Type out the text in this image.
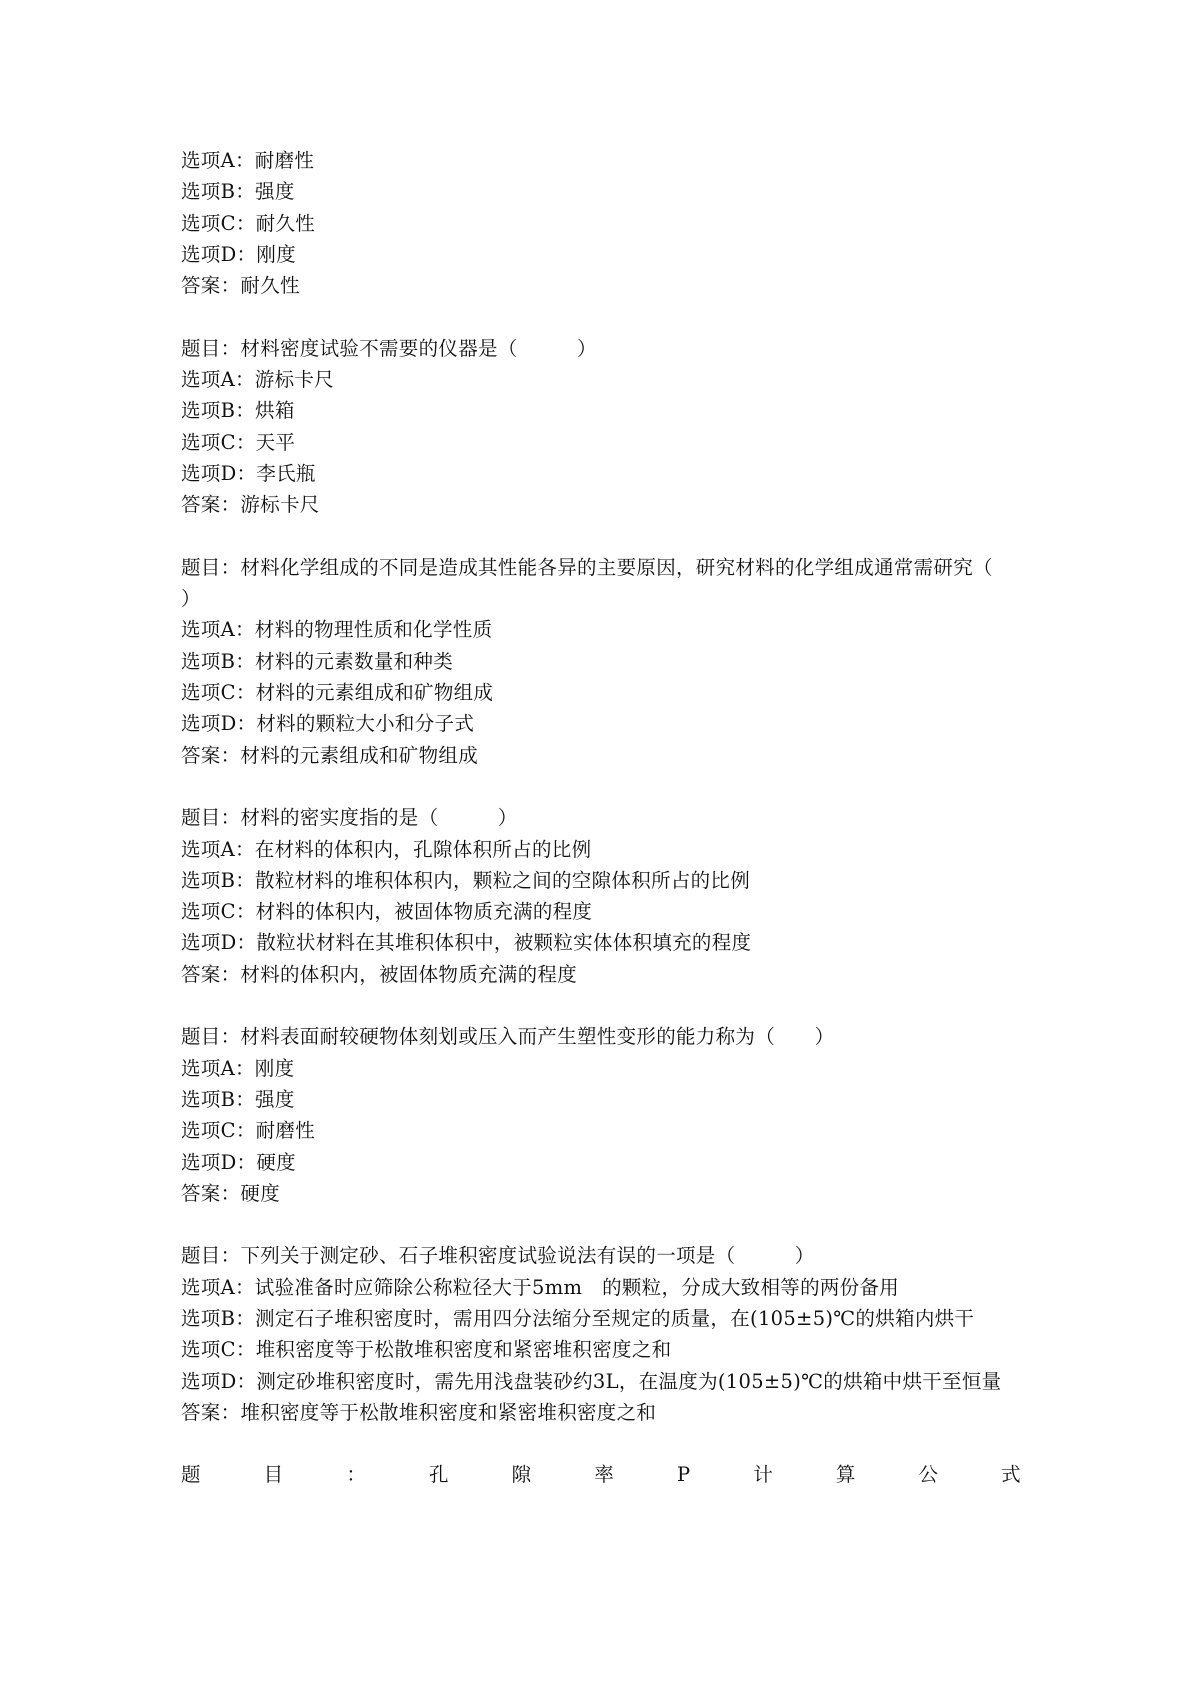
选项A：耐磨性
选项B：强度
选项C：耐久性
选项D：刚度
答案：耐久性
题目：材料密度试验不需要的仪器是（　　　）
选项A：游标卡尺
选项B：烘箱
选项C：天平
选项D：李氏瓶
答案：游标卡尺
题目：材料化学组成的不同是造成其性能各异的主要原因，研究材料的化学组成通常需研究（　　）
选项A：材料的物理性质和化学性质
选项B：材料的元素数量和种类
选项C：材料的元素组成和矿物组成
选项D：材料的颗粒大小和分子式
答案：材料的元素组成和矿物组成
题目：材料的密实度指的是（　　　）
选项A：在材料的体积内，孔隙体积所占的比例
选项B：散粒材料的堆积体积内，颗粒之间的空隙体积所占的比例
选项C：材料的体积内，被固体物质充满的程度
选项D：散粒状材料在其堆积体积中，被颗粒实体体积填充的程度
答案：材料的体积内，被固体物质充满的程度
题目：材料表面耐较硬物体刻划或压入而产生塑性变形的能力称为（　　）
选项A：刚度
选项B：强度
选项C：耐磨性
选项D：硬度
答案：硬度
题目：下列关于测定砂、石子堆积密度试验说法有误的一项是（　　　）
选项A：试验准备时应筛除公称粒径大于5mm　的颗粒，分成大致相等的两份备用
选项B：测定石子堆积密度时，需用四分法缩分至规定的质量，在(105±5)℃的烘箱内烘干
选项C：堆积密度等于松散堆积密度和紧密堆积密度之和
选项D：测定砂堆积密度时，需先用浅盘装砂约3L，在温度为(105±5)℃的烘箱中烘干至恒量
答案：堆积密度等于松散堆积密度和紧密堆积密度之和
题	目	：	孔	隙	率	P	计	算	公	式
